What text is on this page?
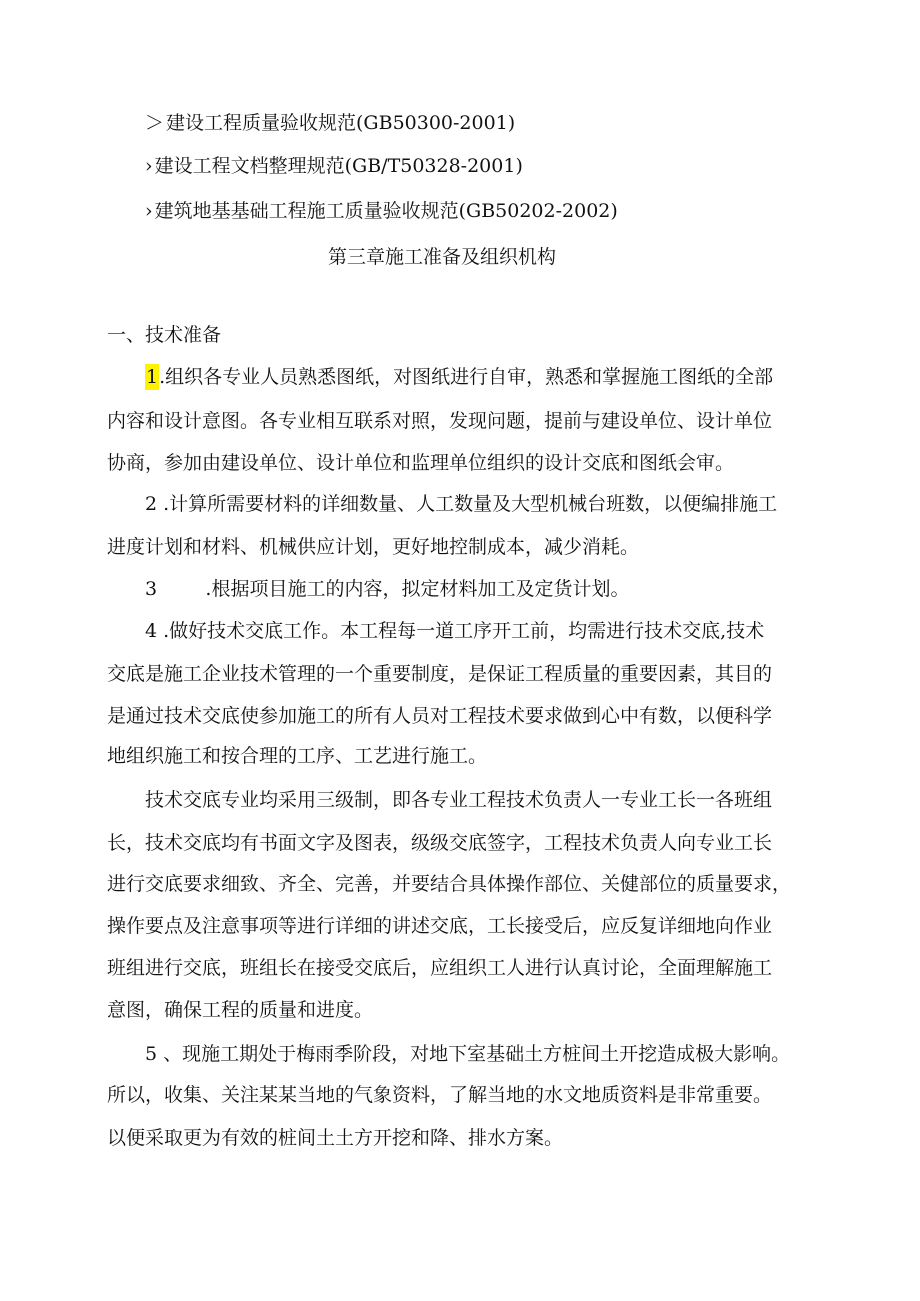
＞ 建设工程质量验收规范(GB50300-2001)
› 建设工程文档整理规范(GB/T50328-2001)
› 建筑地基基础工程施工质量验收规范(GB50202-2002)
第三章施工准备及组织机构
一、技术准备
1.组织各专业人员熟悉图纸，对图纸进行自审，熟悉和掌握施工图纸的全部
内容和设计意图。各专业相互联系对照，发现问题，提前与建设单位、设计单位
协商，参加由建设单位、设计单位和监理单位组织的设计交底和图纸会审。
2 .计算所需要材料的详细数量、人工数量及大型机械台班数，以便编排施工
进度计划和材料、机械供应计划，更好地控制成本，减少消耗。
3        .根据项目施工的内容，拟定材料加工及定货计划。
4 .做好技术交底工作。本工程每一道工序开工前，均需进行技术交底,技术
交底是施工企业技术管理的一个重要制度，是保证工程质量的重要因素，其目的
是通过技术交底使参加施工的所有人员对工程技术要求做到心中有数，以便科学
地组织施工和按合理的工序、工艺进行施工。
技术交底专业均采用三级制，即各专业工程技术负责人一专业工长一各班组
长，技术交底均有书面文字及图表，级级交底签字，工程技术负责人向专业工长
进行交底要求细致、齐全、完善，并要结合具体操作部位、关健部位的质量要求，
操作要点及注意事项等进行详细的讲述交底，工长接受后，应反复详细地向作业
班组进行交底，班组长在接受交底后，应组织工人进行认真讨论，全面理解施工
意图，确保工程的质量和进度。
5 、现施工期处于梅雨季阶段，对地下室基础土方桩间土开挖造成极大影响。
所以，收集、关注某某当地的气象资料，了解当地的水文地质资料是非常重要。
以便采取更为有效的桩间土土方开挖和降、排水方案。
